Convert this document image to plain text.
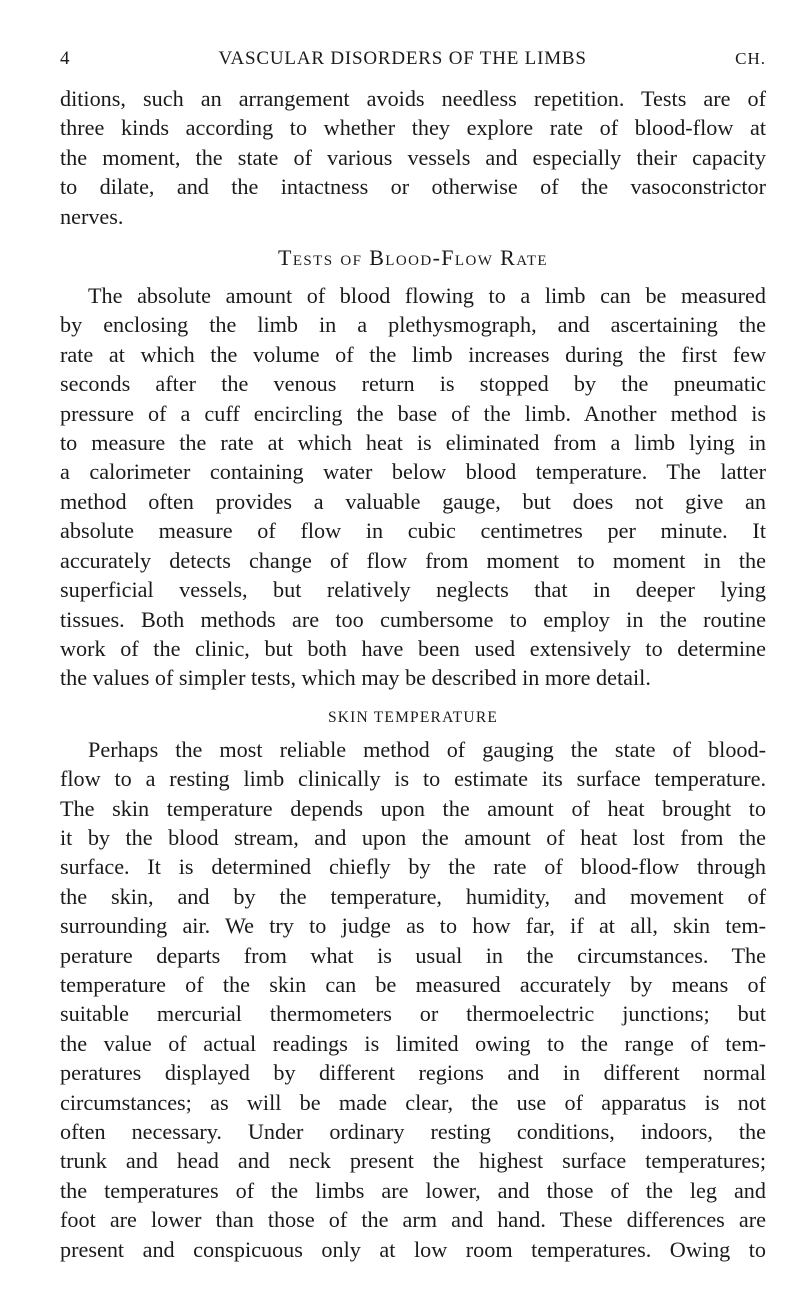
4	VASCULAR DISORDERS OF THE LIMBS	CH.
ditions, such an arrangement avoids needless repetition. Tests are of
three kinds according to whether they explore rate of blood-flow at
the moment, the state of various vessels and especially their capacity
to dilate, and the intactness or otherwise of the vasoconstrictor
nerves.
Tests of Blood-Flow Rate
The absolute amount of blood flowing to a limb can be measured
by enclosing the limb in a plethysmograph, and ascertaining the
rate at which the volume of the limb increases during the first few
seconds after the venous return is stopped by the pneumatic
pressure of a cuff encircling the base of the limb. Another method is
to measure the rate at which heat is eliminated from a limb lying in
a calorimeter containing water below blood temperature. The latter
method often provides a valuable gauge, but does not give an
absolute measure of flow in cubic centimetres per minute. It
accurately detects change of flow from moment to moment in the
superficial vessels, but relatively neglects that in deeper lying
tissues. Both methods are too cumbersome to employ in the routine
work of the clinic, but both have been used extensively to determine
the values of simpler tests, which may be described in more detail.
SKIN TEMPERATURE
Perhaps the most reliable method of gauging the state of blood-
flow to a resting limb clinically is to estimate its surface temperature.
The skin temperature depends upon the amount of heat brought to
it by the blood stream, and upon the amount of heat lost from the
surface. It is determined chiefly by the rate of blood-flow through
the skin, and by the temperature, humidity, and movement of
surrounding air. We try to judge as to how far, if at all, skin tem-
perature departs from what is usual in the circumstances. The
temperature of the skin can be measured accurately by means of
suitable mercurial thermometers or thermoelectric junctions; but
the value of actual readings is limited owing to the range of tem-
peratures displayed by different regions and in different normal
circumstances; as will be made clear, the use of apparatus is not
often necessary. Under ordinary resting conditions, indoors, the
trunk and head and neck present the highest surface temperatures;
the temperatures of the limbs are lower, and those of the leg and
foot are lower than those of the arm and hand. These differences are
present and conspicuous only at low room temperatures. Owing to
